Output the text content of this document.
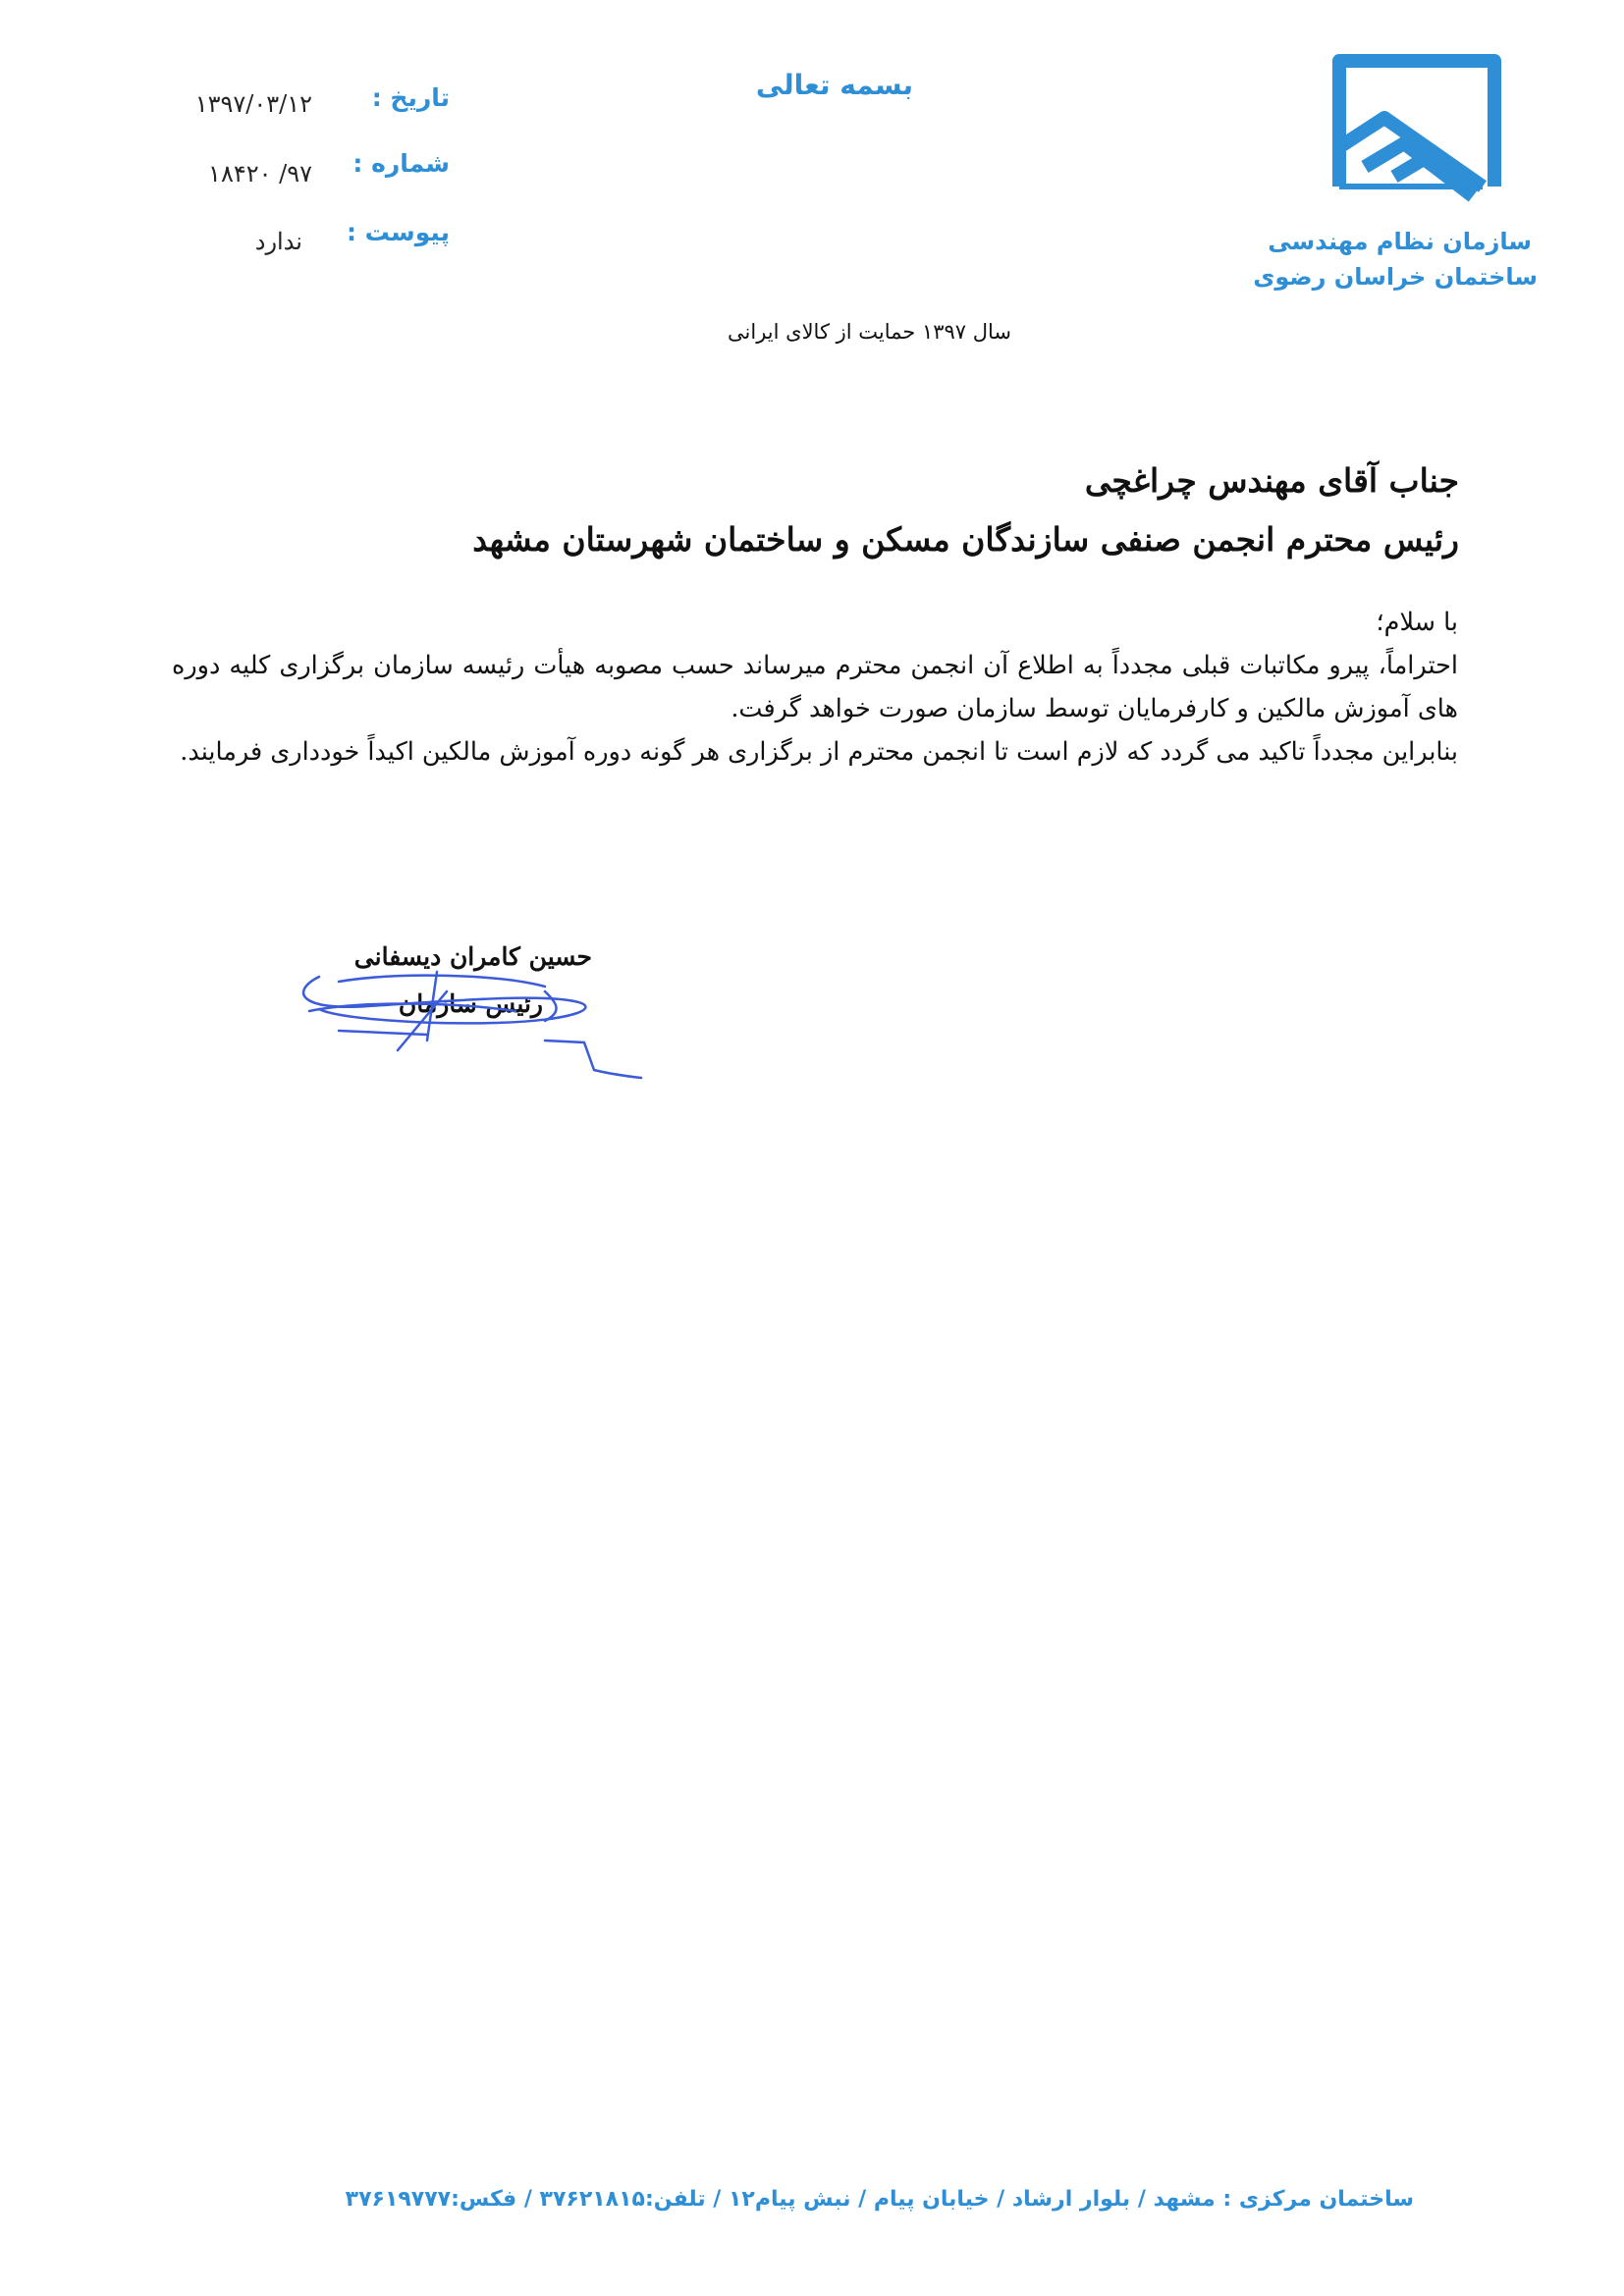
بسمه تعالی
تاریخ :
۱۳۹۷/۰۳/۱۲
شماره :
۹۷/ ۱۸۴۲۰
پیوست :
ندارد	سازمان نظام مهندسی
ساختمان خراسان رضوی
سال ۱۳۹۷ حمایت از کالای ایرانی
جناب آقای مهندس چراغچی
رئیس محترم انجمن صنفی سازندگان مسکن و ساختمان شهرستان مشهد

با سلام؛

احتراماً، پیرو مکاتبات قبلی مجدداً به اطلاع آن انجمن محترم میرساند حسب مصوبه هیأت رئیسه سازمان برگزاری کلیه دوره های آموزش مالکین و کارفرمایان توسط سازمان صورت خواهد گرفت.

بنابراین مجدداً تاکید می گردد که لازم است تا انجمن محترم از برگزاری هر گونه دوره آموزش مالکین اکیداً خودداری فرمایند.

حسین کامران دیسفانی
رئیس سازمان
ساختمان مرکزی : مشهد / بلوار ارشاد / خیابان پیام / نبش پیام۱۲ / تلفن:۳۷۶۲۱۸۱۵ / فکس:۳۷۶۱۹۷۷۷
